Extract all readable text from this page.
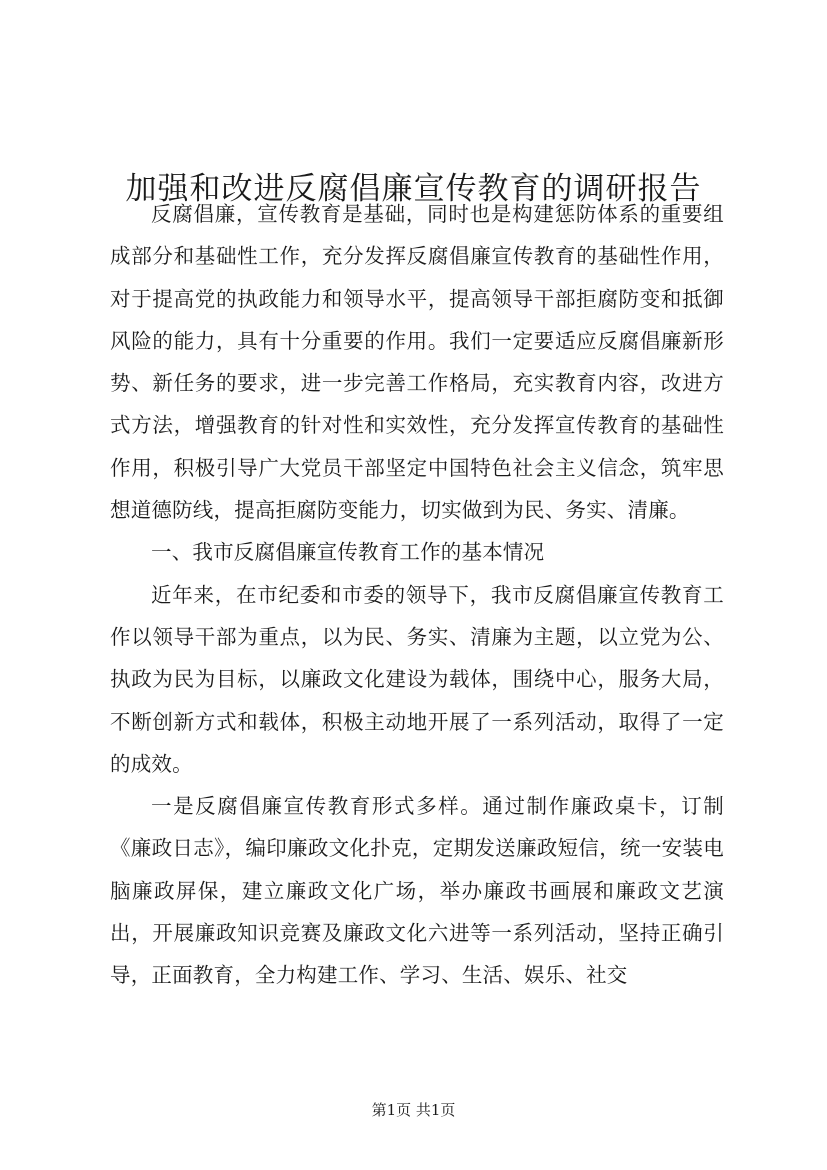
加强和改进反腐倡廉宣传教育的调研报告

反腐倡廉，宣传教育是基础，同时也是构建惩防体系的重要组成部分和基础性工作，充分发挥反腐倡廉宣传教育的基础性作用，对于提高党的执政能力和领导水平，提高领导干部拒腐防变和抵御风险的能力，具有十分重要的作用。我们一定要适应反腐倡廉新形势、新任务的要求，进一步完善工作格局，充实教育内容，改进方式方法，增强教育的针对性和实效性，充分发挥宣传教育的基础性作用，积极引导广大党员干部坚定中国特色社会主义信念，筑牢思想道德防线，提高拒腐防变能力，切实做到为民、务实、清廉。

一、我市反腐倡廉宣传教育工作的基本情况

近年来，在市纪委和市委的领导下，我市反腐倡廉宣传教育工作以领导干部为重点，以为民、务实、清廉为主题，以立党为公、执政为民为目标，以廉政文化建设为载体，围绕中心，服务大局，不断创新方式和载体，积极主动地开展了一系列活动，取得了一定的成效。

一是反腐倡廉宣传教育形式多样。通过制作廉政桌卡，订制《廉政日志》，编印廉政文化扑克，定期发送廉政短信，统一安装电脑廉政屏保，建立廉政文化广场，举办廉政书画展和廉政文艺演出，开展廉政知识竞赛及廉政文化六进等一系列活动，坚持正确引导，正面教育，全力构建工作、学习、生活、娱乐、社交

第1页 共1页
